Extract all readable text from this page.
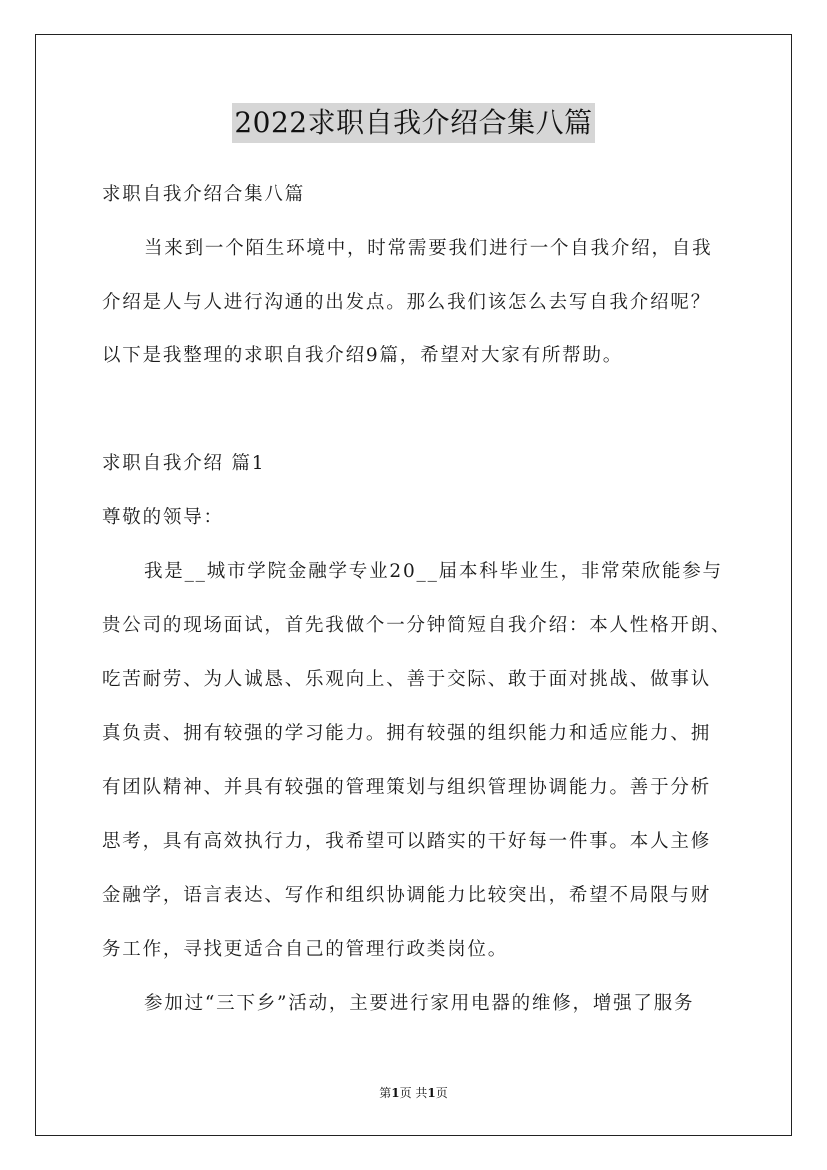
2022求职自我介绍合集八篇
求职自我介绍合集八篇
当来到一个陌生环境中，时常需要我们进行一个自我介绍，自我
介绍是人与人进行沟通的出发点。那么我们该怎么去写自我介绍呢？
以下是我整理的求职自我介绍9篇，希望对大家有所帮助。
求职自我介绍 篇1
尊敬的领导：
我是__城市学院金融学专业20__届本科毕业生，非常荣欣能参与
贵公司的现场面试，首先我做个一分钟简短自我介绍：本人性格开朗、
吃苦耐劳、为人诚恳、乐观向上、善于交际、敢于面对挑战、做事认
真负责、拥有较强的学习能力。拥有较强的组织能力和适应能力、拥
有团队精神、并具有较强的管理策划与组织管理协调能力。善于分析
思考，具有高效执行力，我希望可以踏实的干好每一件事。本人主修
金融学，语言表达、写作和组织协调能力比较突出，希望不局限与财
务工作，寻找更适合自己的管理行政类岗位。
参加过“三下乡”活动，主要进行家用电器的维修，增强了服务
第1页 共1页
